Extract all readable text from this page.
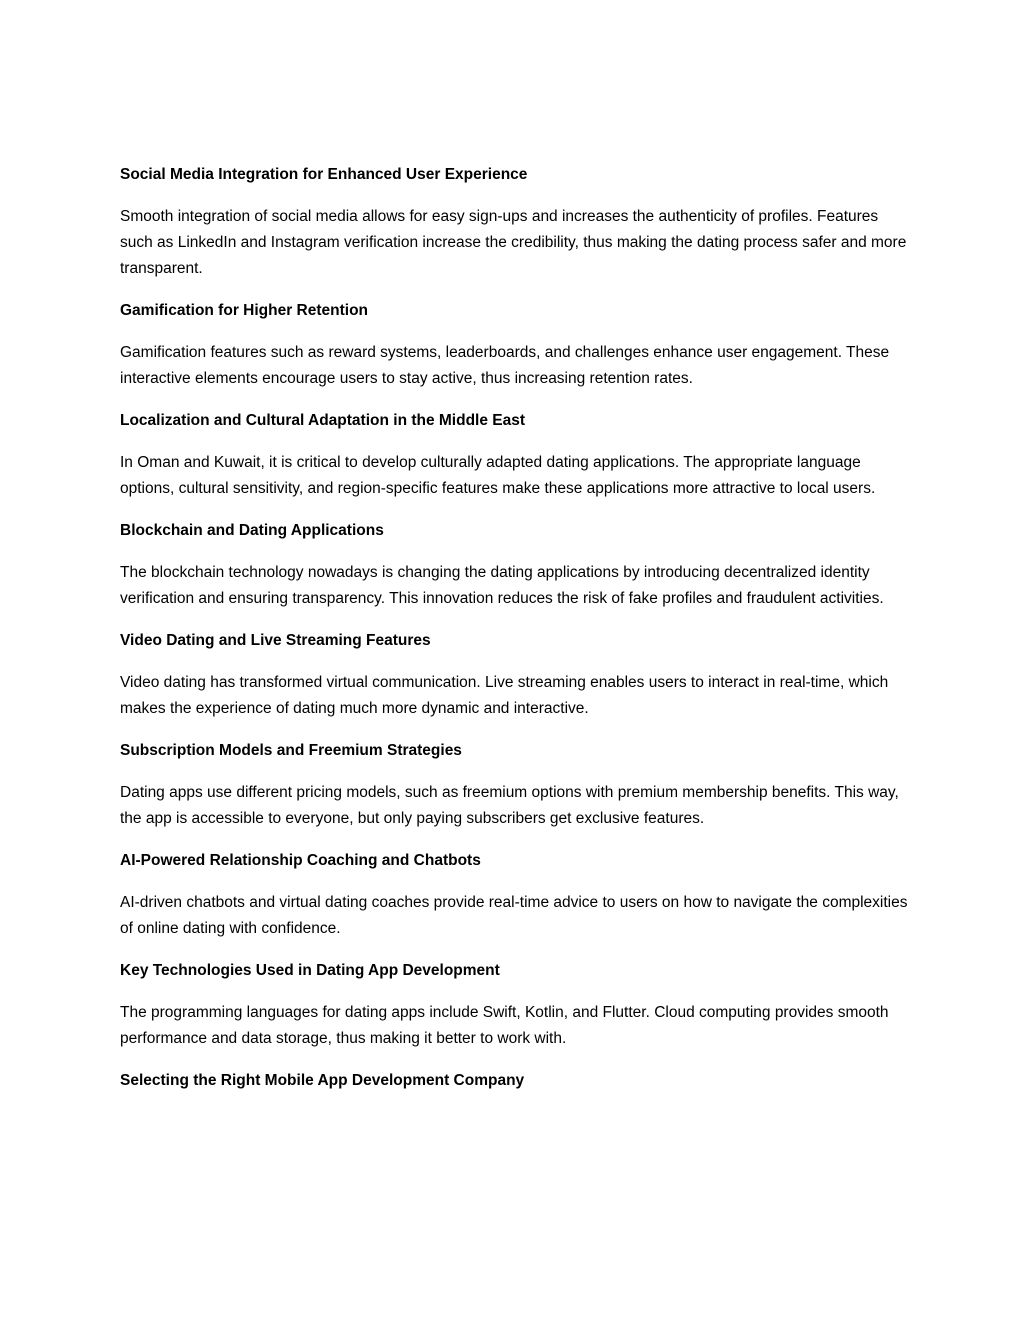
Social Media Integration for Enhanced User Experience

Smooth integration of social media allows for easy sign-ups and increases the authenticity of profiles. Features such as LinkedIn and Instagram verification increase the credibility, thus making the dating process safer and more transparent.

Gamification for Higher Retention

Gamification features such as reward systems, leaderboards, and challenges enhance user engagement. These interactive elements encourage users to stay active, thus increasing retention rates.

Localization and Cultural Adaptation in the Middle East

In Oman and Kuwait, it is critical to develop culturally adapted dating applications. The appropriate language options, cultural sensitivity, and region-specific features make these applications more attractive to local users.

Blockchain and Dating Applications

The blockchain technology nowadays is changing the dating applications by introducing decentralized identity verification and ensuring transparency. This innovation reduces the risk of fake profiles and fraudulent activities.

Video Dating and Live Streaming Features

Video dating has transformed virtual communication. Live streaming enables users to interact in real-time, which makes the experience of dating much more dynamic and interactive.

Subscription Models and Freemium Strategies

Dating apps use different pricing models, such as freemium options with premium membership benefits. This way, the app is accessible to everyone, but only paying subscribers get exclusive features.

AI-Powered Relationship Coaching and Chatbots

AI-driven chatbots and virtual dating coaches provide real-time advice to users on how to navigate the complexities of online dating with confidence.

Key Technologies Used in Dating App Development

The programming languages for dating apps include Swift, Kotlin, and Flutter. Cloud computing provides smooth performance and data storage, thus making it better to work with.

Selecting the Right Mobile App Development Company
